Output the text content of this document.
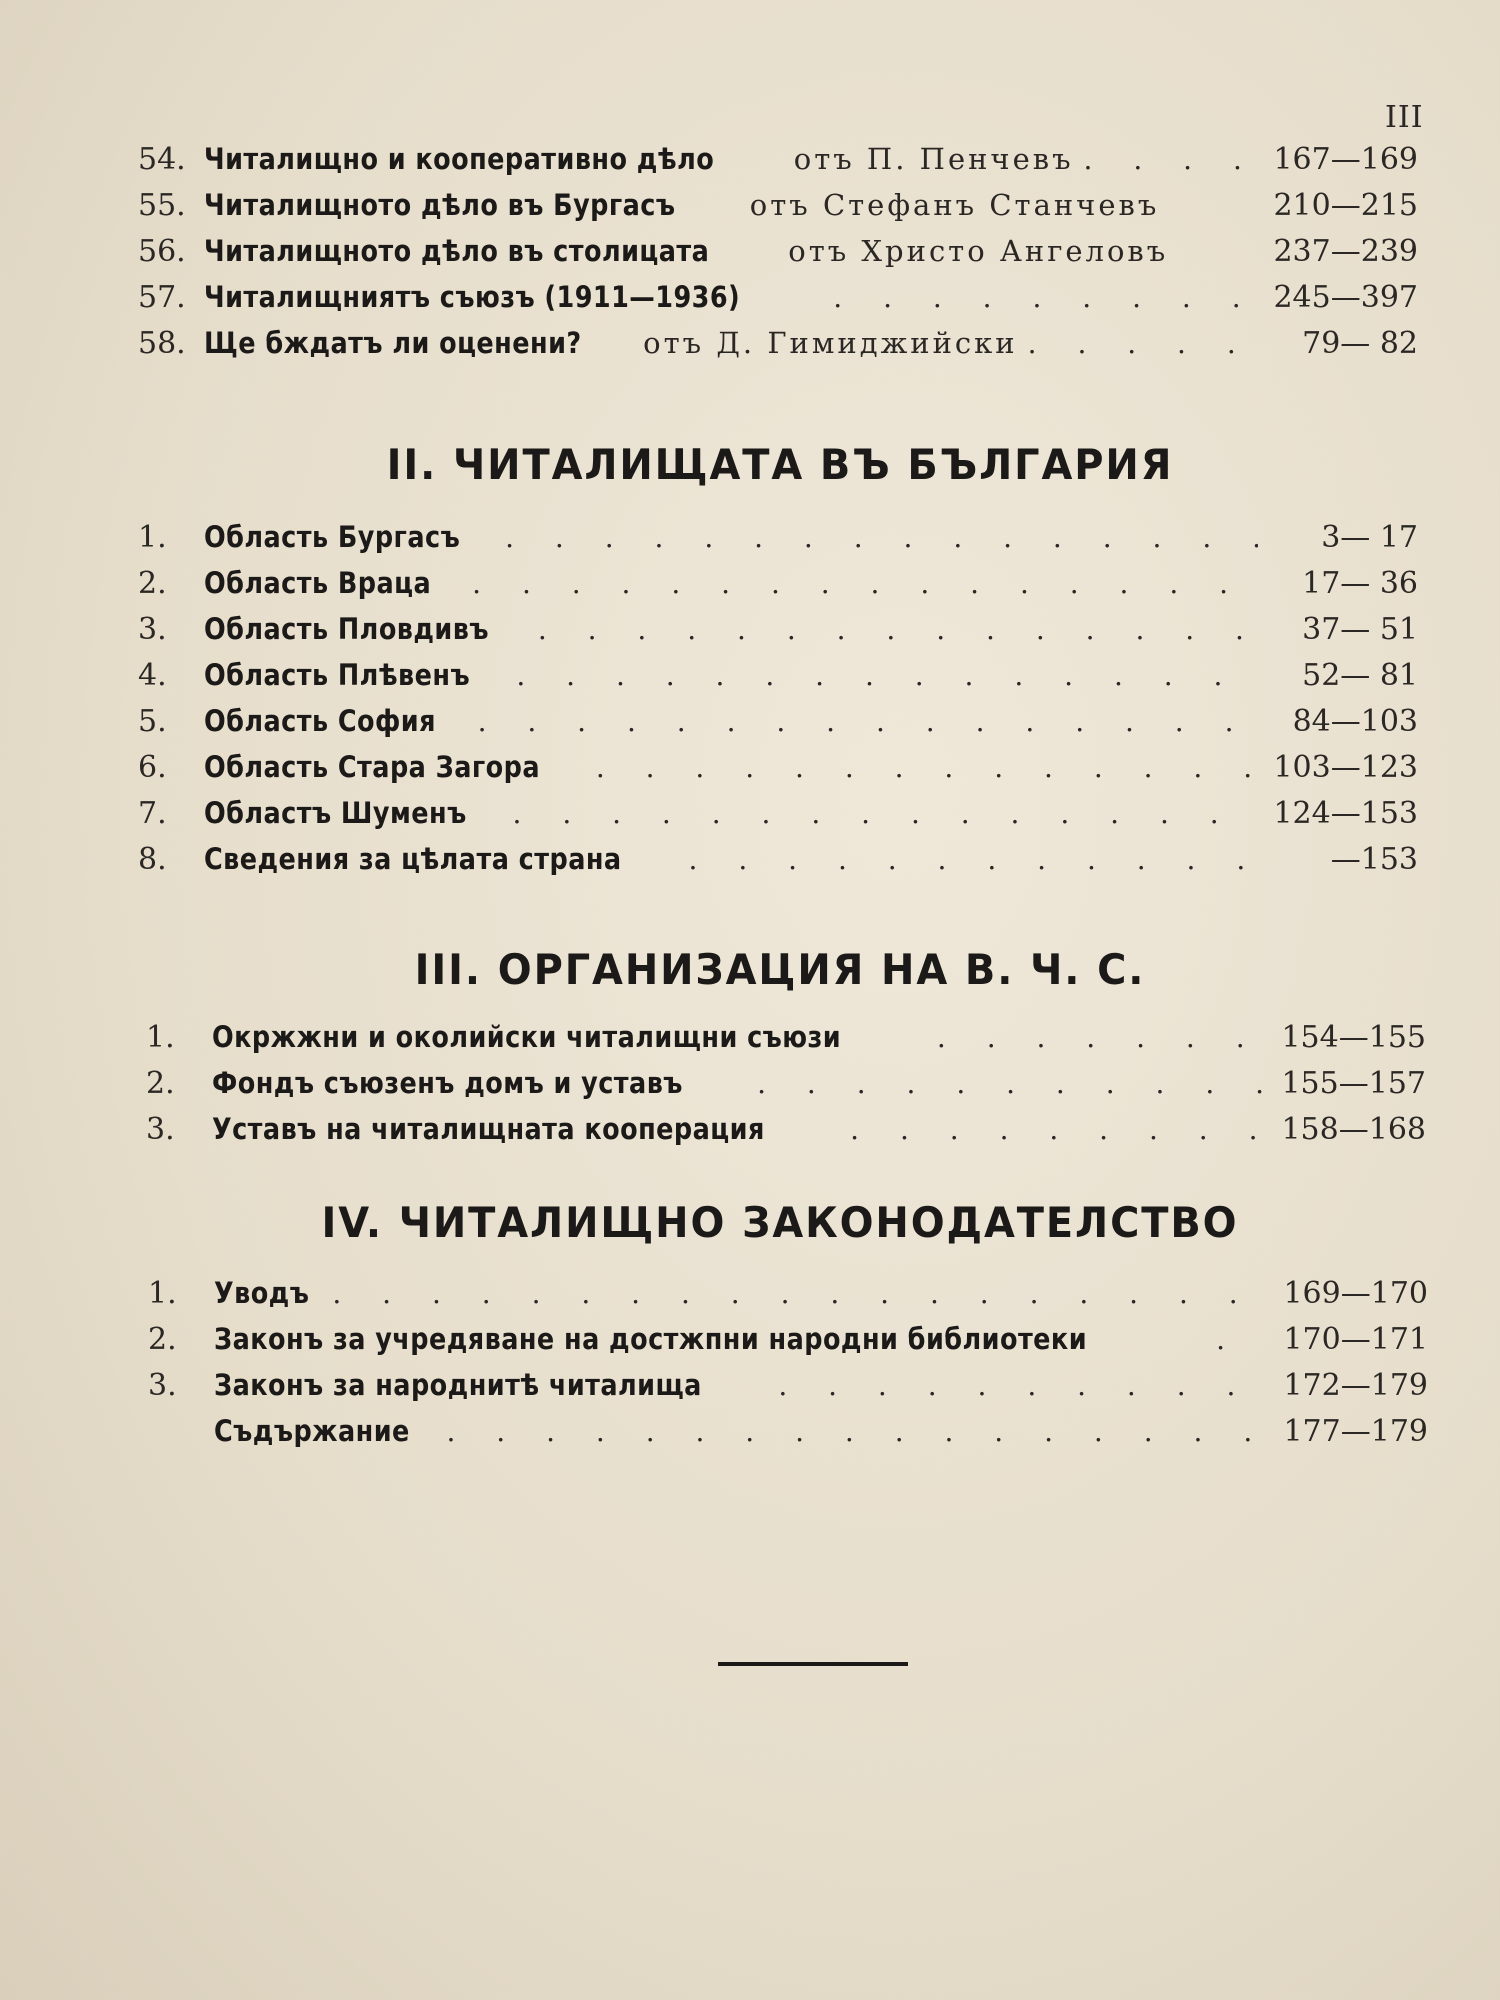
III
54. Читалищно и кооперативно дѣло	отъ П. Пенчевъ . . .	167—169
55. Читалищното дѣло въ Бургасъ	отъ Стефанъ Станчевъ	210—215
56. Читалищното дѣло въ столицата	отъ Христо Ангеловъ	237—239
57. Читалищниятъ съюзъ (1911—1936) . . .	245—397
58. Ще бждатъ ли оценени? отъ Д. Гимиджийски . . .	79— 82
II. ЧИТАЛИЩАТА ВЪ БЪЛГАРИЯ
1.	Область Бургасъ . . .	3— 17
2.	Область Враца . . .	17— 36
3.	Область Пловдивъ . . .	37— 51
4.	Область Плѣвенъ . . .	52— 81
5.	Область София . . .	84—103
6.	Область Стара Загора . . .	103—123
7.	Областъ Шуменъ . . .	124—153
8.	Сведения за цѣлата страна . . .	—153
III. ОРГАНИЗАЦИЯ НА В. Ч. С.
1.	Окржжни и околийски читалищни съюзи . . .	154—155
2.	Фондъ съюзенъ домъ и уставъ . . .	155—157
3.	Уставъ на читалищната кооперация . . .	158—168
IV. ЧИТАЛИЩНО ЗАКОНОДАТЕЛСТВО
1.	Уводъ . . .	169—170
2.	Законъ за учредяване на достжпни народни библиотеки . . .	170—171
3.	Законъ за народнитѣ читалища . . .	172—179
Съдържание . . .	177—179
